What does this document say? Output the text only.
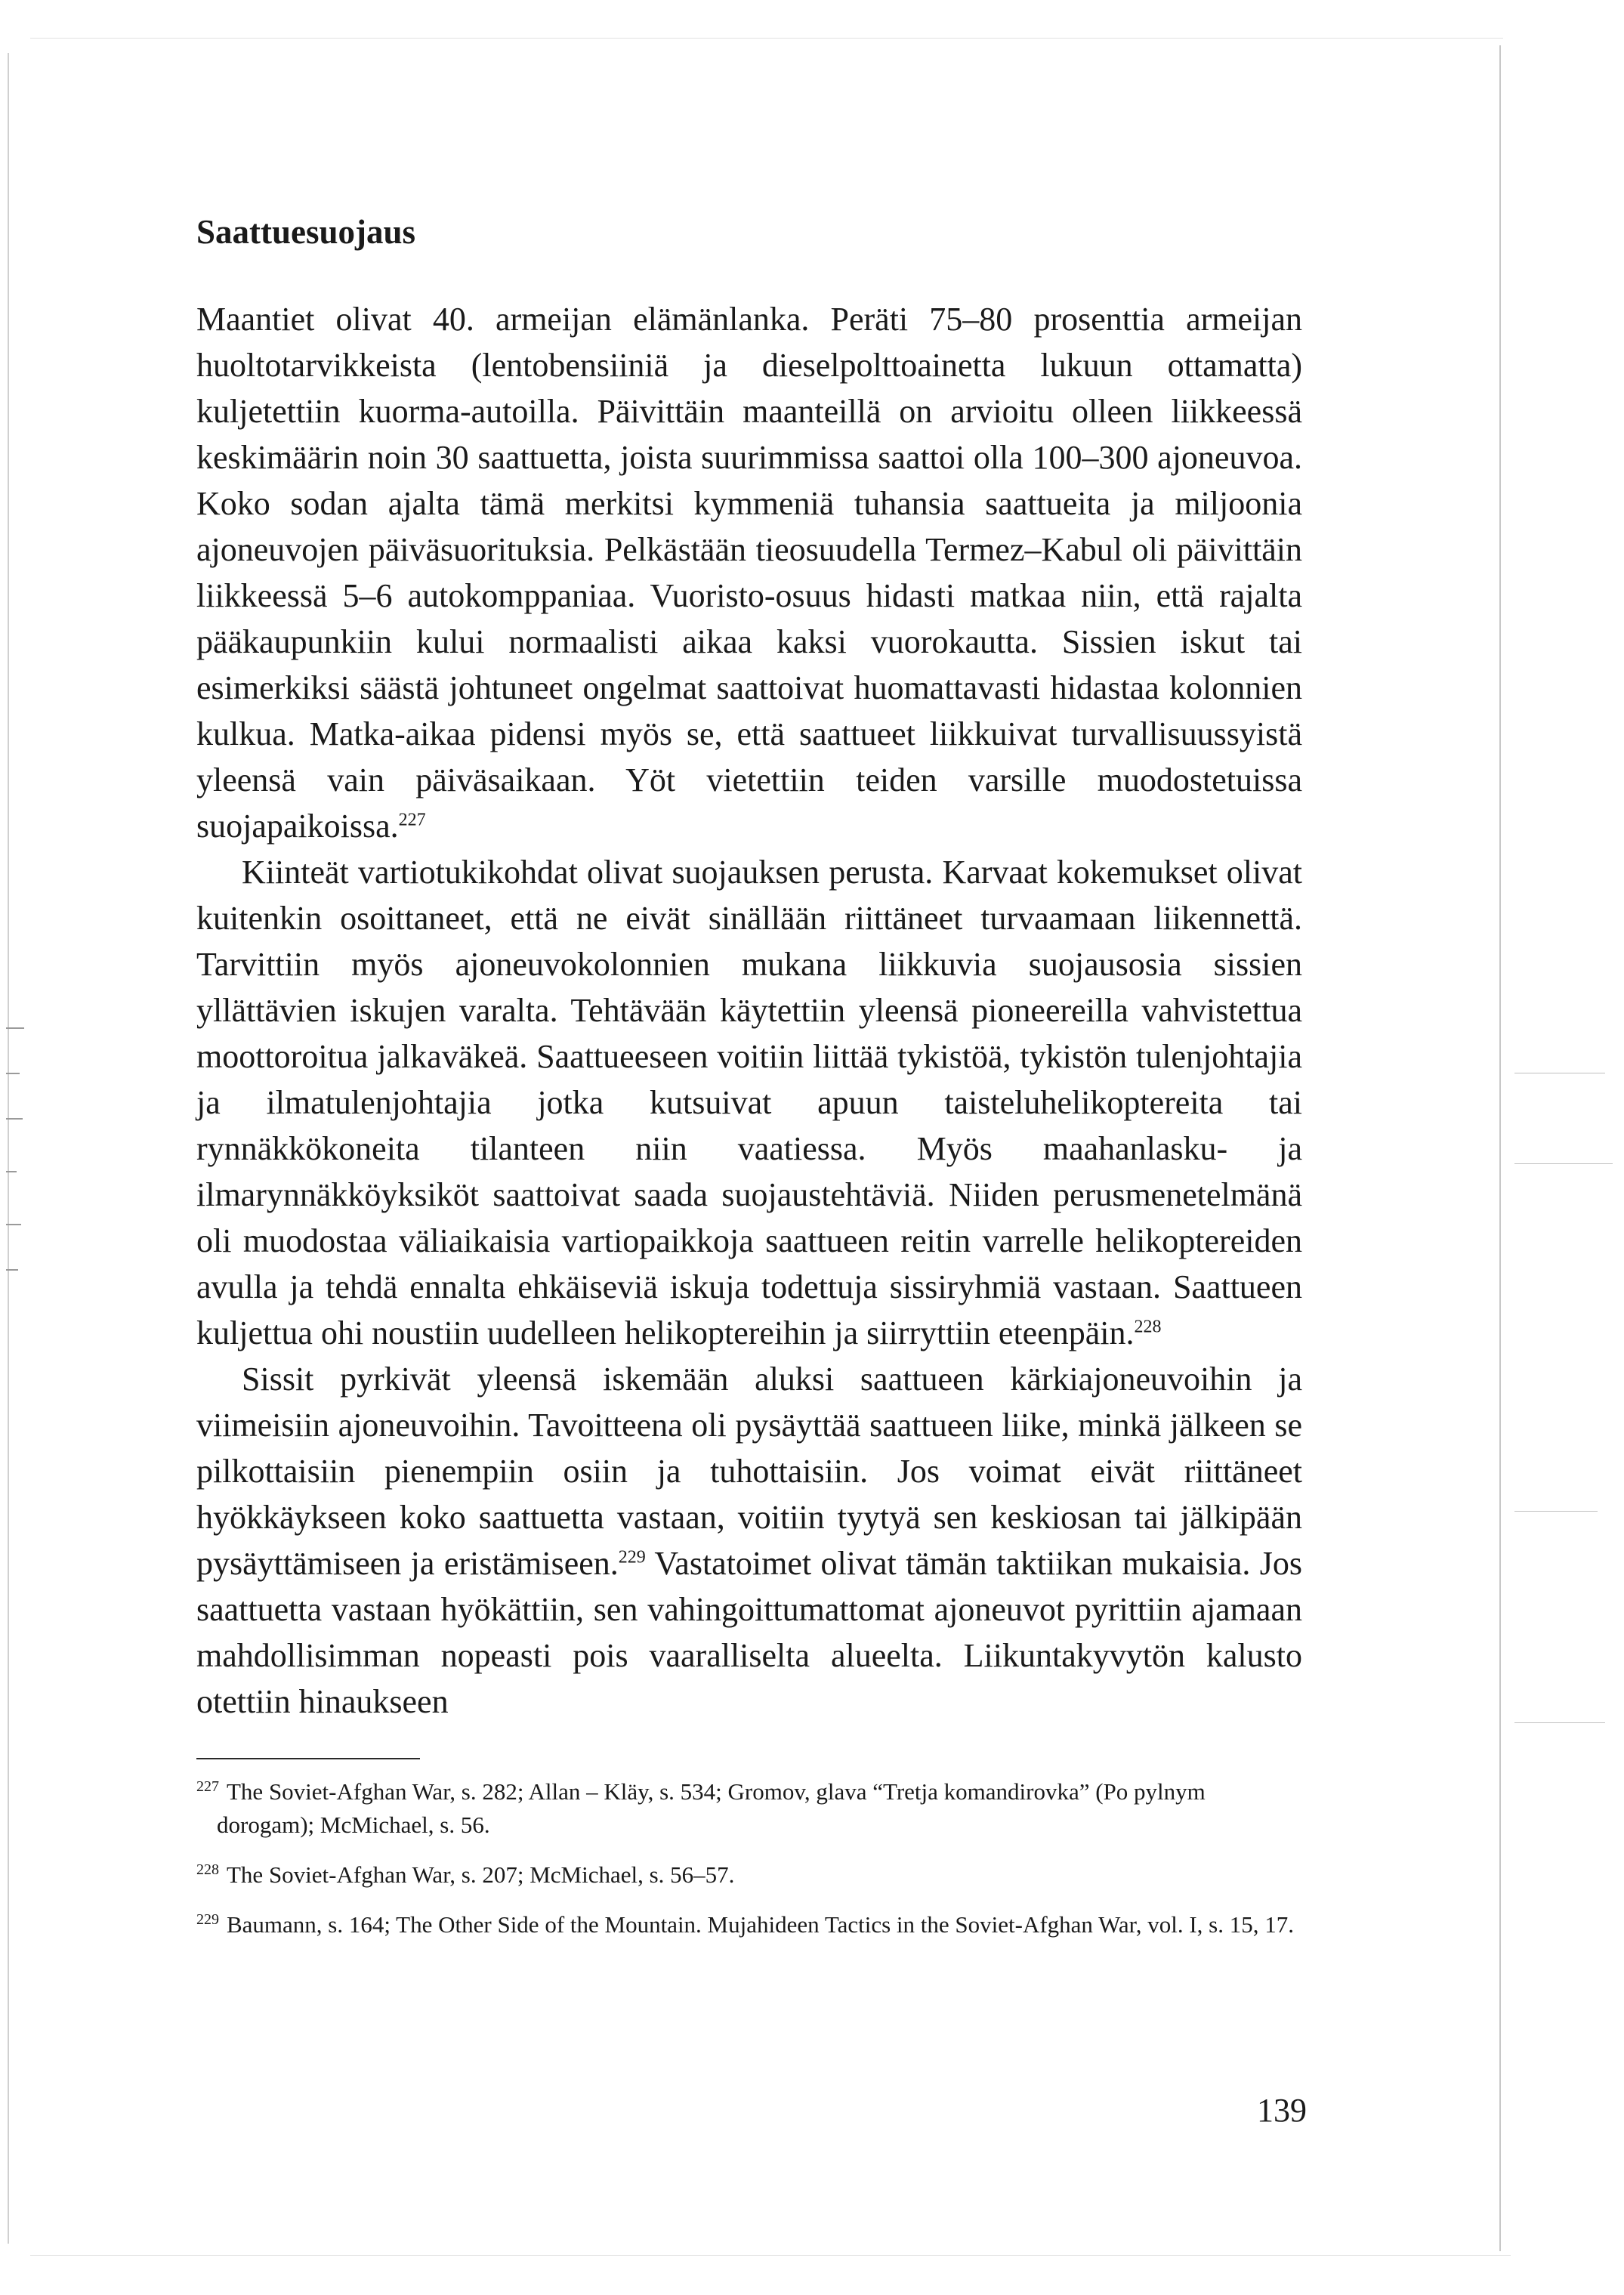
Saattuesuojaus

Maantiet olivat 40. armeijan elämänlanka. Peräti 75–80 prosenttia armeijan huoltotarvikkeista (lentobensiiniä ja dieselpolttoainetta lukuun ottamatta) kuljetettiin kuorma-autoilla. Päivittäin maanteillä on arvioitu olleen liikkeessä keskimäärin noin 30 saattuetta, joista suurimmissa saattoi olla 100–300 ajoneuvoa. Koko sodan ajalta tämä merkitsi kymmeniä tuhansia saattueita ja miljoonia ajoneuvojen päiväsuorituksia. Pelkästään tieosuudella Termez–Kabul oli päivittäin liikkeessä 5–6 autokomppaniaa. Vuoristo-osuus hidasti matkaa niin, että rajalta pääkaupunkiin kului normaalisti aikaa kaksi vuorokautta. Sissien iskut tai esimerkiksi säästä johtuneet ongelmat saattoivat huomattavasti hidastaa kolonnien kulkua. Matka-aikaa pidensi myös se, että saattueet liikkuivat turvallisuussyistä yleensä vain päiväsaikaan. Yöt vietettiin teiden varsille muodostetuissa suojapaikoissa.$^{227}$

Kiinteät vartiotukikohdat olivat suojauksen perusta. Karvaat kokemukset olivat kuitenkin osoittaneet, että ne eivät sinällään riittäneet turvaamaan liikennettä. Tarvittiin myös ajoneuvokolonnien mukana liikkuvia suojausosia sissien yllättävien iskujen varalta. Tehtävään käytettiin yleensä pioneereilla vahvistettua moottoroitua jalkaväkeä. Saattueeseen voitiin liittää tykistöä, tykistön tulenjohtajia ja ilmatulenjohtajia jotka kutsuivat apuun taisteluhelikoptereita tai rynnäkkökoneita tilanteen niin vaatiessa. Myös maahanlasku- ja ilmarynnäkköyksiköt saattoivat saada suojaustehtäviä. Niiden perusmenetelmänä oli muodostaa väliaikaisia vartiopaikkoja saattueen reitin varrelle helikoptereiden avulla ja tehdä ennalta ehkäiseviä iskuja todettuja sissiryhmiä vastaan. Saattueen kuljettua ohi noustiin uudelleen helikoptereihin ja siirryttiin eteenpäin.$^{228}$

Sissit pyrkivät yleensä iskemään aluksi saattueen kärkiajoneuvoihin ja viimeisiin ajoneuvoihin. Tavoitteena oli pysäyttää saattueen liike, minkä jälkeen se pilkottaisiin pienempiin osiin ja tuhottaisiin. Jos voimat eivät riittäneet hyökkäykseen koko saattuetta vastaan, voitiin tyytyä sen keskiosan tai jälkipään pysäyttämiseen ja eristämiseen.$^{229}$ Vastatoimet olivat tämän taktiikan mukaisia. Jos saattuetta vastaan hyökättiin, sen vahingoittumattomat ajoneuvot pyrittiin ajamaan mahdollisimman nopeasti pois vaaralliselta alueelta. Liikuntakyvytön kalusto otettiin hinaukseen

$^{227}$ The Soviet-Afghan War, s. 282; Allan – Kläy, s. 534; Gromov, glava “Tretja komandirovka” (Po pylnym dorogam); McMichael, s. 56.

$^{228}$ The Soviet-Afghan War, s. 207; McMichael, s. 56–57.

$^{229}$ Baumann, s. 164; The Other Side of the Mountain. Mujahideen Tactics in the Soviet-Afghan War, vol. I, s. 15, 17.

139
